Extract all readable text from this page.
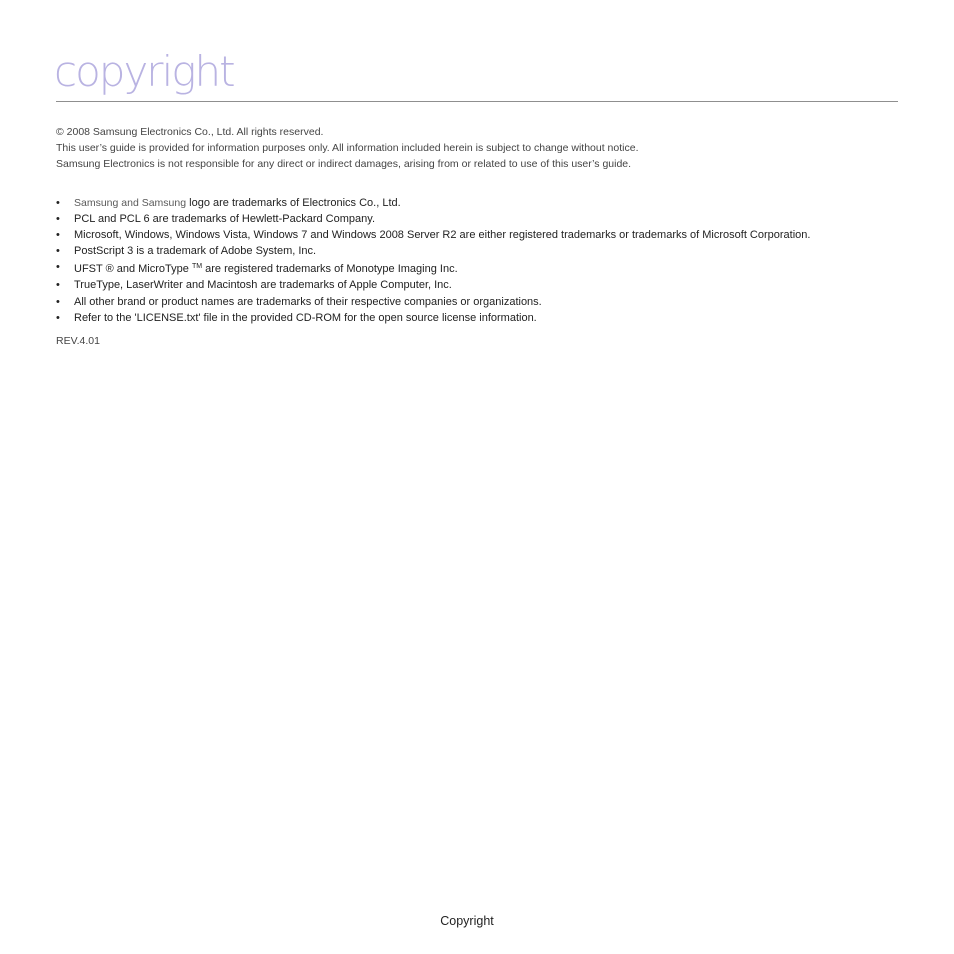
copyright

© 2008 Samsung Electronics Co., Ltd. All rights reserved.

This user’s guide is provided for information purposes only. All information included herein is subject to change without notice.

Samsung Electronics is not responsible for any direct or indirect damages, arising from or related to use of this user’s guide.

• Samsung and Samsung logo are trademarks of Electronics Co., Ltd.
• PCL and PCL 6 are trademarks of Hewlett-Packard Company.
• Microsoft, Windows, Windows Vista, Windows 7 and Windows 2008 Server R2 are either registered trademarks or trademarks of Microsoft Corporation.
• PostScript 3 is a trademark of Adobe System, Inc.
• UFST ® and MicroType ™ are registered trademarks of Monotype Imaging Inc.
• TrueType, LaserWriter and Macintosh are trademarks of Apple Computer, Inc.
• All other brand or product names are trademarks of their respective companies or organizations.
• Refer to the 'LICENSE.txt' file in the provided CD-ROM for the open source license information.
REV.4.01
Copyright
